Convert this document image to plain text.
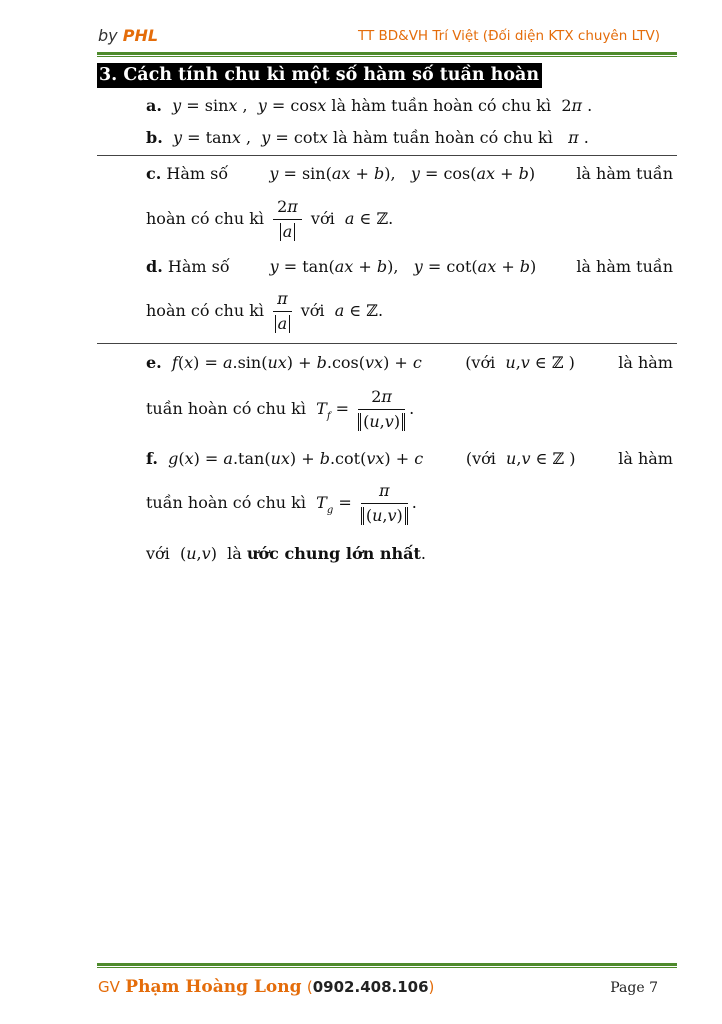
by PHL	TT BD&VH Trí Việt (Đối diện KTX chuyên LTV)
3. Cách tính chu kì một số hàm số tuần hoàn
a.  y = sinx ,  y = cosx là hàm tuần hoàn có chu kì 2π .
b.  y = tanx ,  y = cotx là hàm tuần hoàn có chu kì   π .
c. Hàm số	y = sin(ax + b),   y = cos(ax + b)	là hàm tuần
hoàn có chu kì $\frac{2\pi}{a}$ với  a ∈ ℤ.
d. Hàm số	y = tan(ax + b),   y = cot(ax + b)	là hàm tuần
hoàn có chu kì $\frac{\pi}{a}$ với  a ∈ ℤ.
e.  f(x) = a.sin(ux) + b.cos(vx) + c	(với  u,v ∈ ℤ )	là hàm
tuần hoàn có chu kì  $T_f = \frac{2\pi}{(u,v)}$ .
f.  g(x) = a.tan(ux) + b.cot(vx) + c	(với  u,v ∈ ℤ )	là hàm
tuần hoàn có chu kì  $T_g = \frac{\pi}{(u,v)}$ .
với (u,v) là ước chung lớn nhất.
GV Phạm Hoàng Long (0902.408.106)	Page 7
